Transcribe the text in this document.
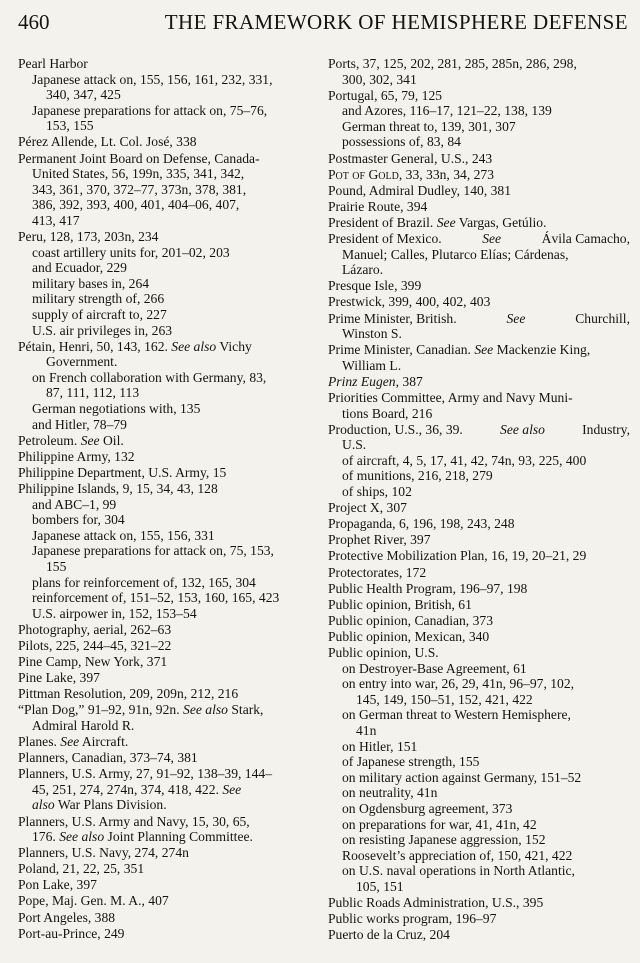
460	THE FRAMEWORK OF HEMISPHERE DEFENSE
Pearl Harbor
Japanese attack on, 155, 156, 161, 232, 331,
340, 347, 425
Japanese preparations for attack on, 75–76,
153, 155
Pérez Allende, Lt. Col. José, 338
Permanent Joint Board on Defense, Canada-
United States, 56, 199n, 335, 341, 342,
343, 361, 370, 372–77, 373n, 378, 381,
386, 392, 393, 400, 401, 404–06, 407,
413, 417
Peru, 128, 173, 203n, 234
coast artillery units for, 201–02, 203
and Ecuador, 229
military bases in, 264
military strength of, 266
supply of aircraft to, 227
U.S. air privileges in, 263
Pétain, Henri, 50, 143, 162. See also Vichy
Government.
on French collaboration with Germany, 83,
87, 111, 112, 113
German negotiations with, 135
and Hitler, 78–79
Petroleum. See Oil.
Philippine Army, 132
Philippine Department, U.S. Army, 15
Philippine Islands, 9, 15, 34, 43, 128
and ABC–1, 99
bombers for, 304
Japanese attack on, 155, 156, 331
Japanese preparations for attack on, 75, 153,
155
plans for reinforcement of, 132, 165, 304
reinforcement of, 151–52, 153, 160, 165, 423
U.S. airpower in, 152, 153–54
Photography, aerial, 262–63
Pilots, 225, 244–45, 321–22
Pine Camp, New York, 371
Pine Lake, 397
Pittman Resolution, 209, 209n, 212, 216
“Plan Dog,” 91–92, 91n, 92n. See also Stark,
Admiral Harold R.
Planes. See Aircraft.
Planners, Canadian, 373–74, 381
Planners, U.S. Army, 27, 91–92, 138–39, 144–
45, 251, 274, 274n, 374, 418, 422. See
also War Plans Division.
Planners, U.S. Army and Navy, 15, 30, 65,
176. See also Joint Planning Committee.
Planners, U.S. Navy, 274, 274n
Poland, 21, 22, 25, 351
Pon Lake, 397
Pope, Maj. Gen. M. A., 407
Port Angeles, 388
Port-au-Prince, 249
Ports, 37, 125, 202, 281, 285, 285n, 286, 298,
300, 302, 341
Portugal, 65, 79, 125
and Azores, 116–17, 121–22, 138, 139
German threat to, 139, 301, 307
possessions of, 83, 84
Postmaster General, U.S., 243
Pot of Gold, 33, 33n, 34, 273
Pound, Admiral Dudley, 140, 381
Prairie Route, 394
President of Brazil. See Vargas, Getúlio.
President of Mexico.	See	Ávila Camacho,
Manuel; Calles, Plutarco Elías; Cárdenas,
Lázaro.
Presque Isle, 399
Prestwick, 399, 400, 402, 403
Prime Minister, British.	See	Churchill,
Winston S.
Prime Minister, Canadian. See Mackenzie King,
William L.
Prinz Eugen, 387
Priorities Committee, Army and Navy Muni-
tions Board, 216
Production, U.S., 36, 39.	See also	Industry,
U.S.
of aircraft, 4, 5, 17, 41, 42, 74n, 93, 225, 400
of munitions, 216, 218, 279
of ships, 102
Project X, 307
Propaganda, 6, 196, 198, 243, 248
Prophet River, 397
Protective Mobilization Plan, 16, 19, 20–21, 29
Protectorates, 172
Public Health Program, 196–97, 198
Public opinion, British, 61
Public opinion, Canadian, 373
Public opinion, Mexican, 340
Public opinion, U.S.
on Destroyer-Base Agreement, 61
on entry into war, 26, 29, 41n, 96–97, 102,
145, 149, 150–51, 152, 421, 422
on German threat to Western Hemisphere,
41n
on Hitler, 151
of Japanese strength, 155
on military action against Germany, 151–52
on neutrality, 41n
on Ogdensburg agreement, 373
on preparations for war, 41, 41n, 42
on resisting Japanese aggression, 152
Roosevelt’s appreciation of, 150, 421, 422
on U.S. naval operations in North Atlantic,
105, 151
Public Roads Administration, U.S., 395
Public works program, 196–97
Puerto de la Cruz, 204
